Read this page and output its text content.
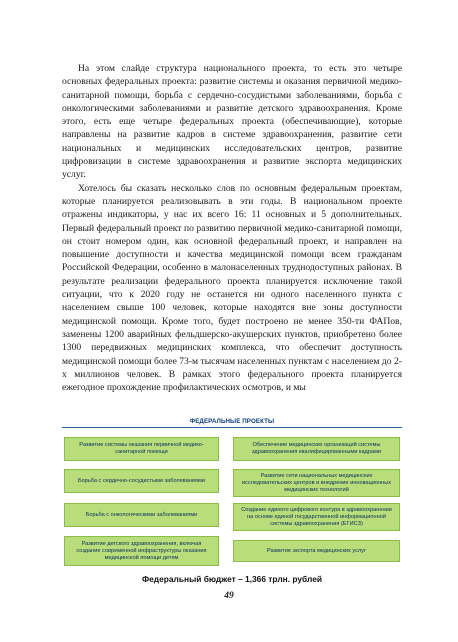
На этом слайде структура национального проекта, то есть это четыре основных федеральных проекта: развитие системы и оказания первичной медико-санитарной помощи, борьба с сердечно-сосудистыми заболеваниями, борьба с онкологическими заболеваниями и развитие детского здравоохранения. Кроме этого, есть еще четыре федеральных проекта (обеспечивающие), которые направлены на развитие кадров в системе здравоохранения, развитие сети национальных и медицинских исследовательских центров, развитие цифровизации в системе здравоохранения и развитие экспорта медицинских услуг.

Хотелось бы сказать несколько слов по основным федеральным проектам, которые планируется реализовывать в эти годы. В национальном проекте отражены индикаторы, у нас их всего 16: 11 основных и 5 дополнительных. Первый федеральный проект по развитию первичной медико-санитарной помощи, он стоит номером один, как основной федеральный проект, и направлен на повышение доступности и качества медицинской помощи всем гражданам Российской Федерации, особенно в малонаселенных труднодоступных районах. В результате реализации федерального проекта планируется исключение такой ситуации, что к 2020 году не останется ни одного населенного пункта с населением свыше 100 человек, которые находятся вне зоны доступности медицинской помощи. Кроме того, будет построено не менее 350-ти ФАПов, заменены 1200 аварийных фельдшерско-акушерских пунктов, приобретено более 1300 передвижных медицинских комплекса, что обеспечит доступность медицинской помощи более 73-м тысячам населенных пунктам с населением до 2-х миллионов человек. В рамках этого федерального проекта планируется ежегодное прохождение профилактических осмотров, и мы

ФЕДЕРАЛЬНЫЕ ПРОЕКТЫ
Развитие системы оказания первичной медико-санитарной помощи
Борьба с сердечно-сосудистыми заболеваниями
Борьба с онкологическими заболеваниями
Развитие детского здравоохранения, включая создание современной инфраструктуры оказания медицинской помощи детям
Обеспечение медицинских организаций системы здравоохранения квалифицированными кадрами
Развитие сети национальных медицинских исследовательских центров и внедрение инновационных медицинских технологий
Создание единого цифрового контура в здравоохранении на основе единой государственной информационной системы здравоохранения (ЕГИСЗ)
Развитие экспорта медицинских услуг
Федеральный бюджет – 1,366 трлн. рублей
49
